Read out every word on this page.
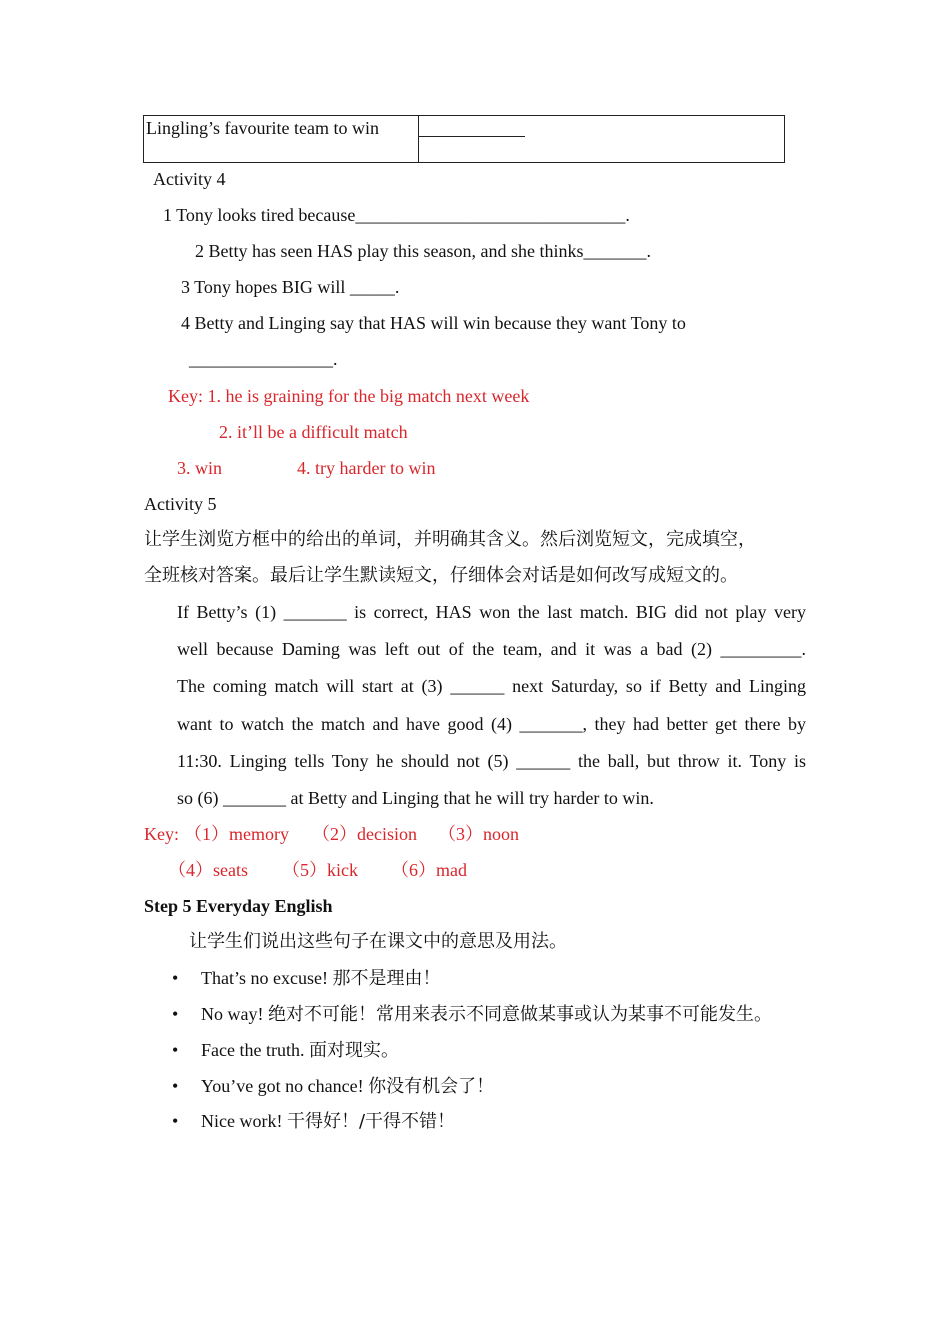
Lingling’s favourite team to win	
Activity 4
1 Tony looks tired because______________________________.
2 Betty has seen HAS play this season, and she thinks_______.
3 Tony hopes BIG will _____.
4 Betty and Linging say that HAS will win because they want Tony to
________________.
Key: 1. he is graining for the big match next week
2. it’ll be a difficult match
3. win	4. try harder to win
Activity 5
让学生浏览方框中的给出的单词，并明确其含义。然后浏览短文，完成填空，
全班核对答案。最后让学生默读短文，仔细体会对话是如何改写成短文的。
If Betty’s (1) _______ is correct, HAS won the last match. BIG did not play very
well because Daming was left out of the team, and it was a bad (2) _________.
The coming match will start at (3) ______ next Saturday, so if Betty and Linging
want to watch the match and have good (4) _______, they had better get there by
11:30. Linging tells Tony he should not (5) ______ the ball, but throw it. Tony is
so (6) _______ at Betty and Linging that he will try harder to win.
Key: （1）memory （2）decision （3）noon
（4）seats （5）kick （6）mad
Step 5 Everyday English
让学生们说出这些句子在课文中的意思及用法。
• That’s no excuse! 那不是理由！
• No way! 绝对不可能！常用来表示不同意做某事或认为某事不可能发生。
• Face the truth. 面对现实。
• You’ve got no chance! 你没有机会了！
• Nice work! 干得好！/干得不错！
